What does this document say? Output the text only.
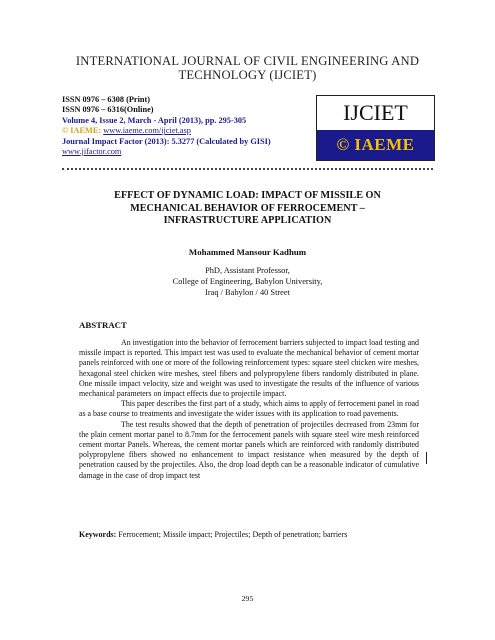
INTERNATIONAL JOURNAL OF CIVIL ENGINEERING AND
TECHNOLOGY (IJCIET)
ISSN 0976 – 6308 (Print)
ISSN 0976 – 6316(Online)
Volume 4, Issue 2, March - April (2013), pp. 295-305
© IAEME: www.iaeme.com/ijciet.asp
Journal Impact Factor (2013): 5.3277 (Calculated by GISI)
www.jifactor.com
IJCIET
© IAEME
EFFECT OF DYNAMIC LOAD: IMPACT OF MISSILE ON
MECHANICAL BEHAVIOR OF FERROCEMENT –
INFRASTRUCTURE APPLICATION
Mohammed Mansour Kadhum
PhD, Assistant Professor,
College of Engineering, Babylon University,
Iraq / Babylon / 40 Street
ABSTRACT

An investigation into the behavior of ferrocement barriers subjected to impact load testing and missile impact is reported. This impact test was used to evaluate the mechanical behavior of cement mortar panels reinforced with one or more of the following reinforcement types: square steel chicken wire meshes, hexagonal steel chicken wire meshes, steel fibers and polypropylene fibers randomly distributed in plane. One missile impact velocity, size and weight was used to investigate the results of the influence of various mechanical parameters on impact effects due to projectile impact.

This paper describes the first part of a study, which aims to apply of ferrocement panel in road as a base course to treatments and investigate the wider issues with its application to road pavements.

The test results showed that the depth of penetration of projectiles decreased from 23mm for the plain cement mortar panel to 8.7mm for the ferrocement panels with square steel wire mesh reinforced cement mortar Panels. Whereas, the cement mortar panels which are reinforced with randomly distributed polypropylene fibers showed no enhancement to impact resistance when measured by the depth of penetration caused by the projectiles. Also, the drop load depth can be a reasonable indicator of cumulative damage in the case of drop impact test

Keywords: Ferrocement; Missile impact; Projectiles; Depth of penetration; barriers
295
